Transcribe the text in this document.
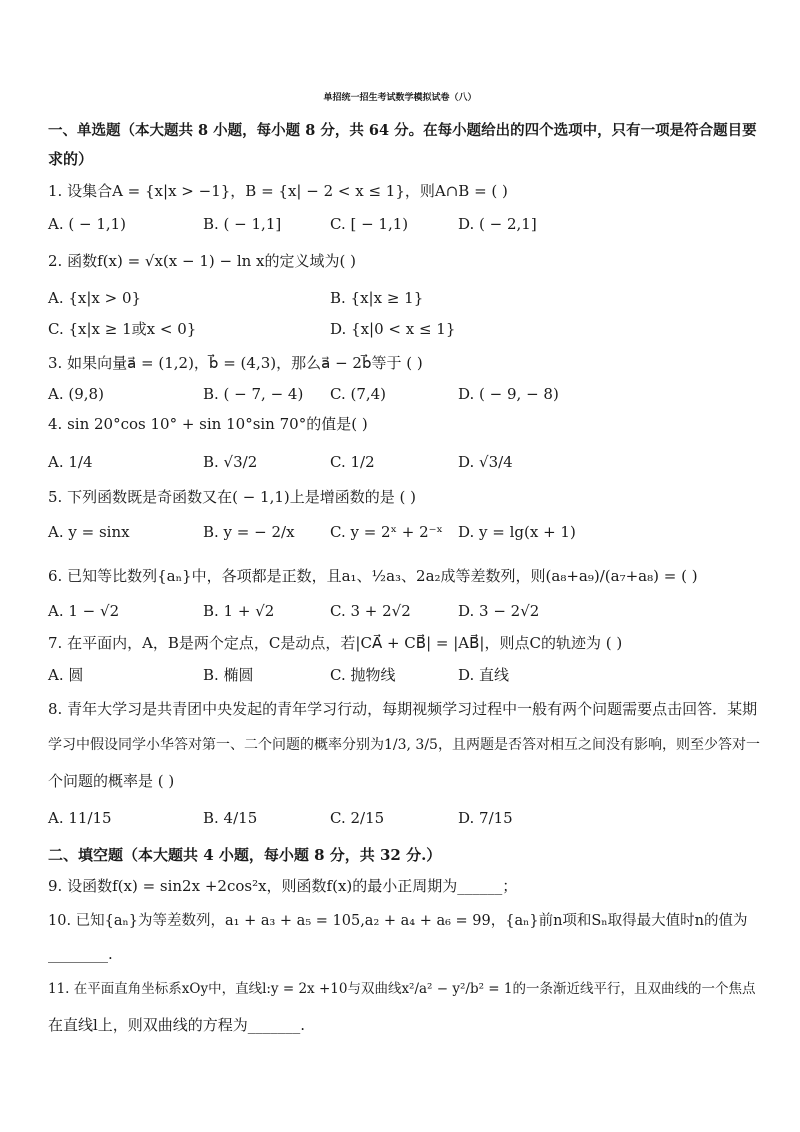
单招统一招生考试数学模拟试卷（八）
一、单选题（本大题共 8 小题，每小题 8 分，共 64 分。在每小题给出的四个选项中，只有一项是符合题目要
求的）
1. 设集合A = {x|x > −1}，B = {x| − 2 < x ≤ 1}，则A∩B = ( )
A. ( − 1,1)	B. ( − 1,1]	C. [ − 1,1)	D. ( − 2,1]
2. 函数f(x) = √x(x − 1) − ln x的定义域为( )
A. {x|x > 0}	B. {x|x ≥ 1}
C. {x|x ≥ 1或x < 0}	D. {x|0 < x ≤ 1}
3. 如果向量a⃗ = (1,2)，b⃗ = (4,3)，那么a⃗ − 2b⃗等于 ( )
A. (9,8)	B. ( − 7, − 4) C. (7,4)	D. ( − 9, − 8)
4. sin 20°cos 10° + sin 10°sin 70°的值是( )
A. 1/4	B. √3/2	C. 1/2	D. √3/4
5. 下列函数既是奇函数又在( − 1,1)上是增函数的是 ( )
A. y = sinx	B. y = − 2/x C. y = 2ˣ + 2⁻ˣ D. y = lg(x + 1)
6. 已知等比数列{aₙ}中，各项都是正数，且a₁、½a₃、2a₂成等差数列，则(a₈+a₉)/(a₇+a₈) = ( )
A. 1 − √2	B. 1 + √2	C. 3 + 2√2	D. 3 − 2√2
7. 在平面内，A，B是两个定点，C是动点，若|CA⃗ + CB⃗| = |AB⃗|，则点C的轨迹为 ( )
A. 圆	B. 椭圆	C. 抛物线	D. 直线
8. 青年大学习是共青团中央发起的青年学习行动，每期视频学习过程中一般有两个问题需要点击回答．某期
学习中假设同学小华答对第一、二个问题的概率分别为1/3, 3/5，且两题是否答对相互之间没有影响，则至少答对一
个问题的概率是 ( )
A. 11/15	B. 4/15	C. 2/15	D. 7/15
二、填空题（本大题共 4 小题，每小题 8 分，共 32 分.）
9. 设函数f(x) = sin2x +2cos²x，则函数f(x)的最小正周期为______；
10. 已知{aₙ}为等差数列，a₁ + a₃ + a₅ = 105,a₂ + a₄ + a₆ = 99，{aₙ}前n项和Sₙ取得最大值时n的值为
________.
11. 在平面直角坐标系xOy中，直线l:y = 2x +10与双曲线x²/a² − y²/b² = 1的一条渐近线平行，且双曲线的一个焦点
在直线l上，则双曲线的方程为_______.
